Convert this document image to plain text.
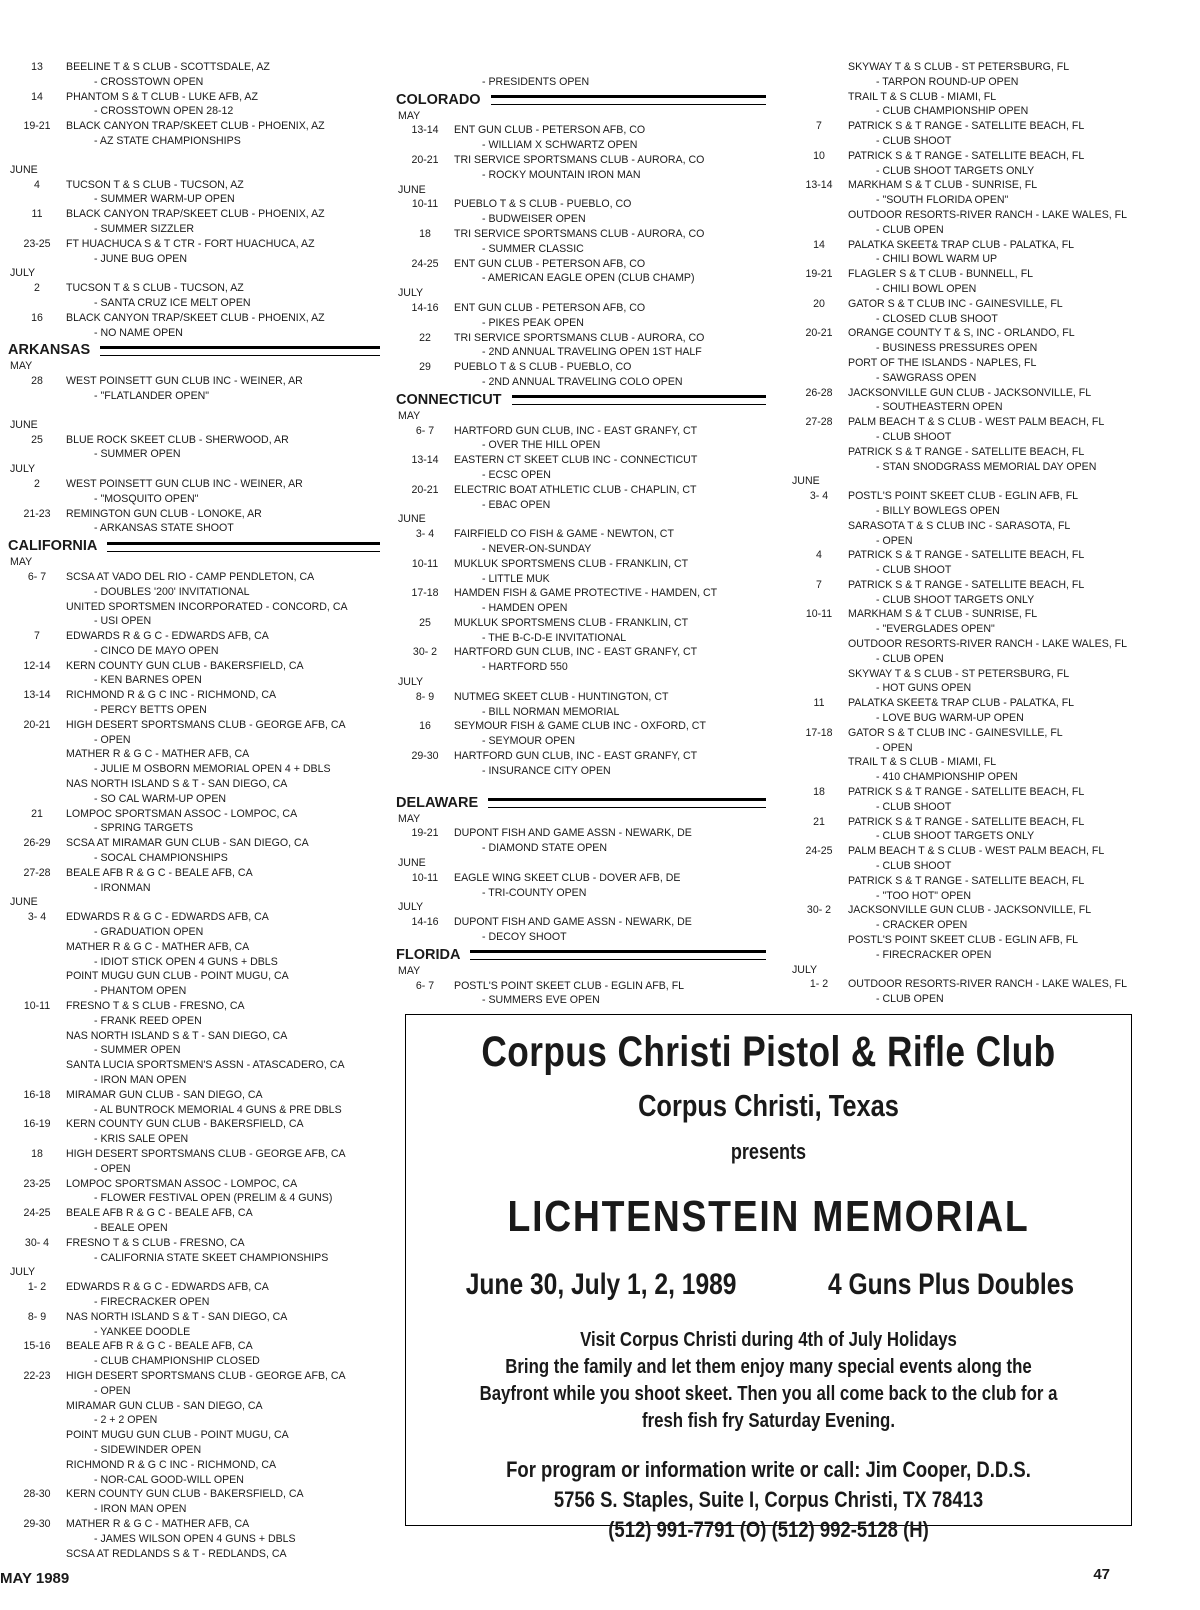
13	BEELINE T & S CLUB - SCOTTSDALE, AZ
- CROSSTOWN OPEN
14	PHANTOM S & T CLUB - LUKE AFB, AZ
- CROSSTOWN OPEN 28-12
19-21	BLACK CANYON TRAP/SKEET CLUB - PHOENIX, AZ
- AZ STATE CHAMPIONSHIPS
JUNE
4	TUCSON T & S CLUB - TUCSON, AZ
- SUMMER WARM-UP OPEN
11	BLACK CANYON TRAP/SKEET CLUB - PHOENIX, AZ
- SUMMER SIZZLER
23-25	FT HUACHUCA S & T CTR - FORT HUACHUCA, AZ
- JUNE BUG OPEN
JULY
2	TUCSON T & S CLUB - TUCSON, AZ
- SANTA CRUZ ICE MELT OPEN
16	BLACK CANYON TRAP/SKEET CLUB - PHOENIX, AZ
- NO NAME OPEN
ARKANSAS
MAY
28	WEST POINSETT GUN CLUB INC - WEINER, AR
- "FLATLANDER OPEN"
JUNE
25	BLUE ROCK SKEET CLUB - SHERWOOD, AR
- SUMMER OPEN
JULY
2	WEST POINSETT GUN CLUB INC - WEINER, AR
- "MOSQUITO OPEN"
21-23	REMINGTON GUN CLUB - LONOKE, AR
- ARKANSAS STATE SHOOT
CALIFORNIA
MAY
6- 7	SCSA AT VADO DEL RIO - CAMP PENDLETON, CA
- DOUBLES '200' INVITATIONAL
UNITED SPORTSMEN INCORPORATED - CONCORD, CA
- USI OPEN
7	EDWARDS R & G C - EDWARDS AFB, CA
- CINCO DE MAYO OPEN
12-14	KERN COUNTY GUN CLUB - BAKERSFIELD, CA
- KEN BARNES OPEN
13-14	RICHMOND R & G C INC - RICHMOND, CA
- PERCY BETTS OPEN
20-21	HIGH DESERT SPORTSMANS CLUB - GEORGE AFB, CA
- OPEN
MATHER R & G C - MATHER AFB, CA
- JULIE M OSBORN MEMORIAL OPEN 4 + DBLS
NAS NORTH ISLAND S & T - SAN DIEGO, CA
- SO CAL WARM-UP OPEN
21	LOMPOC SPORTSMAN ASSOC - LOMPOC, CA
- SPRING TARGETS
26-29	SCSA AT MIRAMAR GUN CLUB - SAN DIEGO, CA
- SOCAL CHAMPIONSHIPS
27-28	BEALE AFB R & G C - BEALE AFB, CA
- IRONMAN
JUNE
3- 4	EDWARDS R & G C - EDWARDS AFB, CA
- GRADUATION OPEN
MATHER R & G C - MATHER AFB, CA
- IDIOT STICK OPEN 4 GUNS + DBLS
POINT MUGU GUN CLUB - POINT MUGU, CA
- PHANTOM OPEN
10-11	FRESNO T & S CLUB - FRESNO, CA
- FRANK REED OPEN
NAS NORTH ISLAND S & T - SAN DIEGO, CA
- SUMMER OPEN
SANTA LUCIA SPORTSMEN'S ASSN - ATASCADERO, CA
- IRON MAN OPEN
16-18	MIRAMAR GUN CLUB - SAN DIEGO, CA
- AL BUNTROCK MEMORIAL 4 GUNS & PRE DBLS
16-19	KERN COUNTY GUN CLUB - BAKERSFIELD, CA
- KRIS SALE OPEN
18	HIGH DESERT SPORTSMANS CLUB - GEORGE AFB, CA
- OPEN
23-25	LOMPOC SPORTSMAN ASSOC - LOMPOC, CA
- FLOWER FESTIVAL OPEN (PRELIM & 4 GUNS)
24-25	BEALE AFB R & G C - BEALE AFB, CA
- BEALE OPEN
30- 4	FRESNO T & S CLUB - FRESNO, CA
- CALIFORNIA STATE SKEET CHAMPIONSHIPS
JULY
1- 2	EDWARDS R & G C - EDWARDS AFB, CA
- FIRECRACKER OPEN
8- 9	NAS NORTH ISLAND S & T - SAN DIEGO, CA
- YANKEE DOODLE
15-16	BEALE AFB R & G C - BEALE AFB, CA
- CLUB CHAMPIONSHIP CLOSED
22-23	HIGH DESERT SPORTSMANS CLUB - GEORGE AFB, CA
- OPEN
MIRAMAR GUN CLUB - SAN DIEGO, CA
- 2 + 2 OPEN
POINT MUGU GUN CLUB - POINT MUGU, CA
- SIDEWINDER OPEN
RICHMOND R & G C INC - RICHMOND, CA
- NOR-CAL GOOD-WILL OPEN
28-30	KERN COUNTY GUN CLUB - BAKERSFIELD, CA
- IRON MAN OPEN
29-30	MATHER R & G C - MATHER AFB, CA
- JAMES WILSON OPEN 4 GUNS + DBLS
SCSA AT REDLANDS S & T - REDLANDS, CA

- PRESIDENTS OPEN
COLORADO
MAY
13-14	ENT GUN CLUB - PETERSON AFB, CO
- WILLIAM X SCHWARTZ OPEN
20-21	TRI SERVICE SPORTSMANS CLUB - AURORA, CO
- ROCKY MOUNTAIN IRON MAN
JUNE
10-11	PUEBLO T & S CLUB - PUEBLO, CO
- BUDWEISER OPEN
18	TRI SERVICE SPORTSMANS CLUB - AURORA, CO
- SUMMER CLASSIC
24-25	ENT GUN CLUB - PETERSON AFB, CO
- AMERICAN EAGLE OPEN (CLUB CHAMP)
JULY
14-16	ENT GUN CLUB - PETERSON AFB, CO
- PIKES PEAK OPEN
22	TRI SERVICE SPORTSMANS CLUB - AURORA, CO
- 2ND ANNUAL TRAVELING OPEN 1ST HALF
29	PUEBLO T & S CLUB - PUEBLO, CO
- 2ND ANNUAL TRAVELING COLO OPEN
CONNECTICUT
MAY
6- 7	HARTFORD GUN CLUB, INC - EAST GRANFY, CT
- OVER THE HILL OPEN
13-14	EASTERN CT SKEET CLUB INC - CONNECTICUT
- ECSC OPEN
20-21	ELECTRIC BOAT ATHLETIC CLUB - CHAPLIN, CT
- EBAC OPEN
JUNE
3- 4	FAIRFIELD CO FISH & GAME - NEWTON, CT
- NEVER-ON-SUNDAY
10-11	MUKLUK SPORTSMENS CLUB - FRANKLIN, CT
- LITTLE MUK
17-18	HAMDEN FISH & GAME PROTECTIVE - HAMDEN, CT
- HAMDEN OPEN
25	MUKLUK SPORTSMENS CLUB - FRANKLIN, CT
- THE B-C-D-E INVITATIONAL
30- 2	HARTFORD GUN CLUB, INC - EAST GRANFY, CT
- HARTFORD 550
JULY
8- 9	NUTMEG SKEET CLUB - HUNTINGTON, CT
- BILL NORMAN MEMORIAL
16	SEYMOUR FISH & GAME CLUB INC - OXFORD, CT
- SEYMOUR OPEN
29-30	HARTFORD GUN CLUB, INC - EAST GRANFY, CT
- INSURANCE CITY OPEN
DELAWARE
MAY
19-21	DUPONT FISH AND GAME ASSN - NEWARK, DE
- DIAMOND STATE OPEN
JUNE
10-11	EAGLE WING SKEET CLUB - DOVER AFB, DE
- TRI-COUNTY OPEN
JULY
14-16	DUPONT FISH AND GAME ASSN - NEWARK, DE
- DECOY SHOOT
FLORIDA
MAY
6- 7	POSTL'S POINT SKEET CLUB - EGLIN AFB, FL
- SUMMERS EVE OPEN
SKYWAY T & S CLUB - ST PETERSBURG, FL
- TARPON ROUND-UP OPEN
TRAIL T & S CLUB - MIAMI, FL
- CLUB CHAMPIONSHIP OPEN
7	PATRICK S & T RANGE - SATELLITE BEACH, FL
- CLUB SHOOT
10	PATRICK S & T RANGE - SATELLITE BEACH, FL
- CLUB SHOOT TARGETS ONLY
13-14	MARKHAM S & T CLUB - SUNRISE, FL
- "SOUTH FLORIDA OPEN"
OUTDOOR RESORTS-RIVER RANCH - LAKE WALES, FL
- CLUB OPEN
14	PALATKA SKEET& TRAP CLUB - PALATKA, FL
- CHILI BOWL WARM UP
19-21	FLAGLER S & T CLUB - BUNNELL, FL
- CHILI BOWL OPEN
20	GATOR S & T CLUB INC - GAINESVILLE, FL
- CLOSED CLUB SHOOT
20-21	ORANGE COUNTY T & S, INC - ORLANDO, FL
- BUSINESS PRESSURES OPEN
PORT OF THE ISLANDS - NAPLES, FL
- SAWGRASS OPEN
26-28	JACKSONVILLE GUN CLUB - JACKSONVILLE, FL
- SOUTHEASTERN OPEN
27-28	PALM BEACH T & S CLUB - WEST PALM BEACH, FL
- CLUB SHOOT
PATRICK S & T RANGE - SATELLITE BEACH, FL
- STAN SNODGRASS MEMORIAL DAY OPEN
JUNE
3- 4	POSTL'S POINT SKEET CLUB - EGLIN AFB, FL
- BILLY BOWLEGS OPEN
SARASOTA T & S CLUB INC - SARASOTA, FL
- OPEN
4	PATRICK S & T RANGE - SATELLITE BEACH, FL
- CLUB SHOOT
7	PATRICK S & T RANGE - SATELLITE BEACH, FL
- CLUB SHOOT TARGETS ONLY
10-11	MARKHAM S & T CLUB - SUNRISE, FL
- "EVERGLADES OPEN"
OUTDOOR RESORTS-RIVER RANCH - LAKE WALES, FL
- CLUB OPEN
SKYWAY T & S CLUB - ST PETERSBURG, FL
- HOT GUNS OPEN
11	PALATKA SKEET& TRAP CLUB - PALATKA, FL
- LOVE BUG WARM-UP OPEN
17-18	GATOR S & T CLUB INC - GAINESVILLE, FL
- OPEN
TRAIL T & S CLUB - MIAMI, FL
- 410 CHAMPIONSHIP OPEN
18	PATRICK S & T RANGE - SATELLITE BEACH, FL
- CLUB SHOOT
21	PATRICK S & T RANGE - SATELLITE BEACH, FL
- CLUB SHOOT TARGETS ONLY
24-25	PALM BEACH T & S CLUB - WEST PALM BEACH, FL
- CLUB SHOOT
PATRICK S & T RANGE - SATELLITE BEACH, FL
- "TOO HOT" OPEN
30- 2	JACKSONVILLE GUN CLUB - JACKSONVILLE, FL
- CRACKER OPEN
POSTL'S POINT SKEET CLUB - EGLIN AFB, FL
- FIRECRACKER OPEN
JULY
1- 2	OUTDOOR RESORTS-RIVER RANCH - LAKE WALES, FL
- CLUB OPEN
Corpus Christi Pistol & Rifle Club
Corpus Christi, Texas
presents
LICHTENSTEIN MEMORIAL
June 30, July 1, 2, 1989	4 Guns Plus Doubles
Visit Corpus Christi during 4th of July Holidays
Bring the family and let them enjoy many special events along the
Bayfront while you shoot skeet. Then you all come back to the club for a
fresh fish fry Saturday Evening.
For program or information write or call: Jim Cooper, D.D.S.
5756 S. Staples, Suite I, Corpus Christi, TX 78413
(512) 991-7791 (O) (512) 992-5128 (H)
MAY 1989	47
